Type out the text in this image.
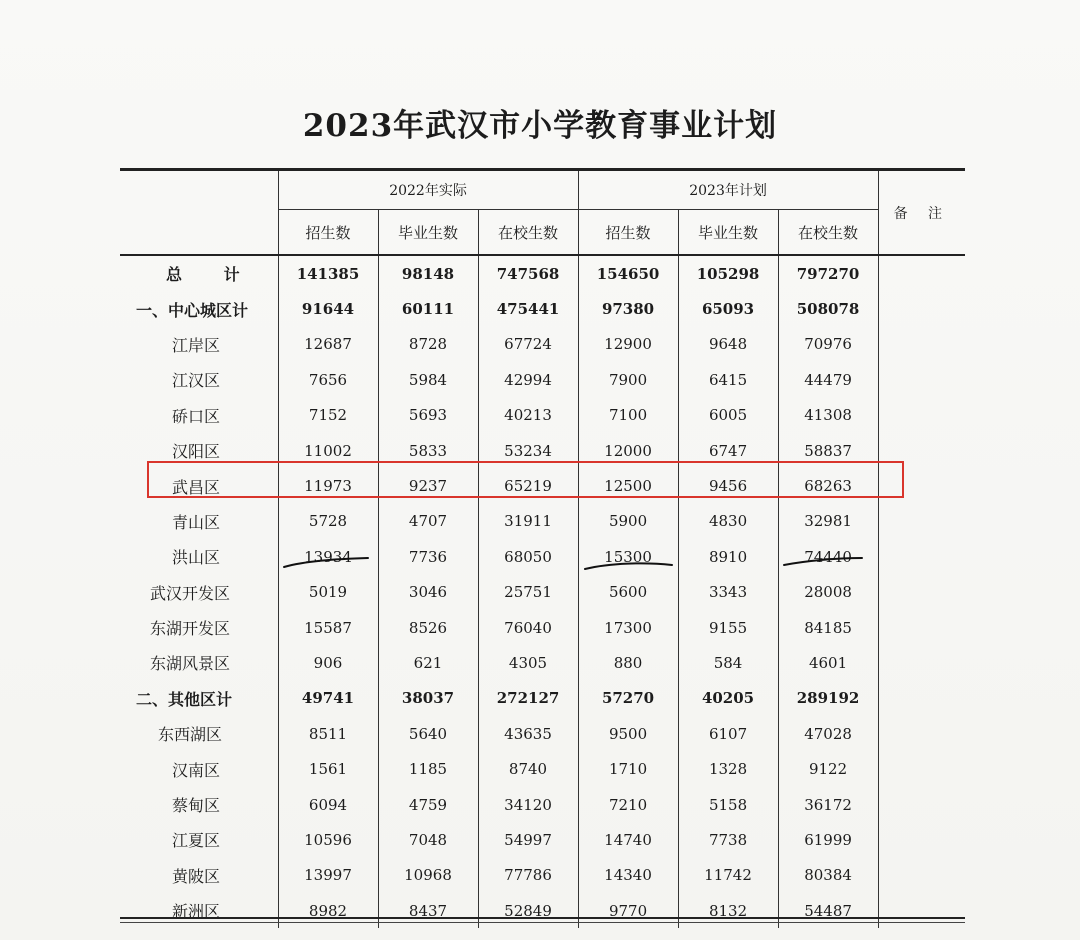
2023年武汉市小学教育事业计划
	2022年实际			2023年计划			备 注
	招生数	毕业生数	在校生数	招生数	毕业生数	在校生数	
总 计	141385	98148	747568	154650	105298	797270	
一、中心城区计	91644	60111	475441	97380	65093	508078	
江岸区	12687	8728	67724	12900	9648	70976	
江汉区	7656	5984	42994	7900	6415	44479	
硚口区	7152	5693	40213	7100	6005	41308	
汉阳区	11002	5833	53234	12000	6747	58837	
武昌区	11973	9237	65219	12500	9456	68263	
青山区	5728	4707	31911	5900	4830	32981	
洪山区	13934	7736	68050	15300	8910	74440	
武汉开发区	5019	3046	25751	5600	3343	28008	
东湖开发区	15587	8526	76040	17300	9155	84185	
东湖风景区	906	621	4305	880	584	4601	
二、其他区计	49741	38037	272127	57270	40205	289192	
东西湖区	8511	5640	43635	9500	6107	47028	
汉南区	1561	1185	8740	1710	1328	9122	
蔡甸区	6094	4759	34120	7210	5158	36172	
江夏区	10596	7048	54997	14740	7738	61999	
黄陂区	13997	10968	77786	14340	11742	80384	
新洲区	8982	8437	52849	9770	8132	54487	
